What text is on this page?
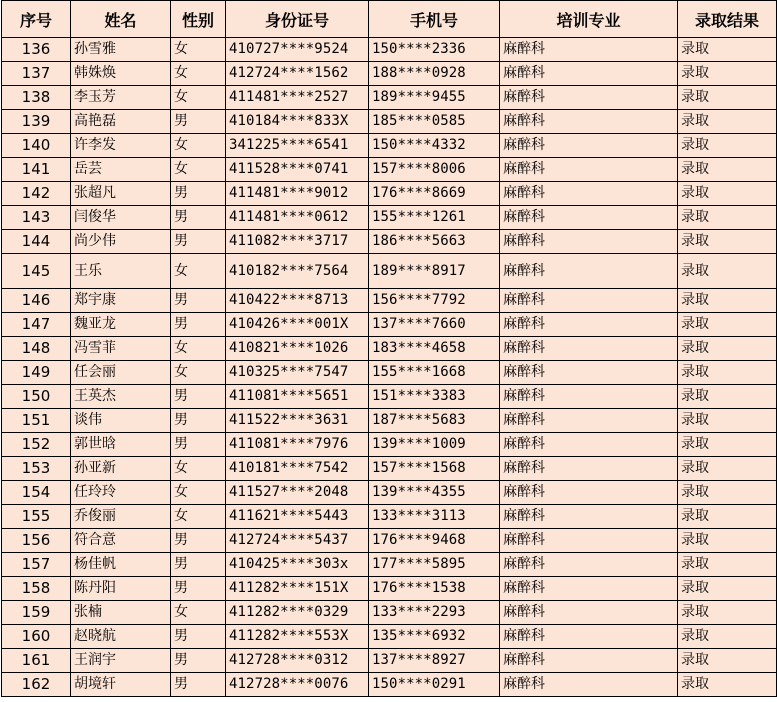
序号	姓名	性别	身份证号	手机号	培训专业	录取结果
136	孙雪雅	女	410727****9524	150****2336	麻醉科	录取
137	韩姝焕	女	412724****1562	188****0928	麻醉科	录取
138	李玉芳	女	411481****2527	189****9455	麻醉科	录取
139	高艳磊	男	410184****833X	185****0585	麻醉科	录取
140	许李发	女	341225****6541	150****4332	麻醉科	录取
141	岳芸	女	411528****0741	157****8006	麻醉科	录取
142	张超凡	男	411481****9012	176****8669	麻醉科	录取
143	闫俊华	男	411481****0612	155****1261	麻醉科	录取
144	尚少伟	男	411082****3717	186****5663	麻醉科	录取
145	王乐	女	410182****7564	189****8917	麻醉科	录取
146	郑宇康	男	410422****8713	156****7792	麻醉科	录取
147	魏亚龙	男	410426****001X	137****7660	麻醉科	录取
148	冯雪菲	女	410821****1026	183****4658	麻醉科	录取
149	任会丽	女	410325****7547	155****1668	麻醉科	录取
150	王英杰	男	411081****5651	151****3383	麻醉科	录取
151	谈伟	男	411522****3631	187****5683	麻醉科	录取
152	郭世晗	男	411081****7976	139****1009	麻醉科	录取
153	孙亚新	女	410181****7542	157****1568	麻醉科	录取
154	任玲玲	女	411527****2048	139****4355	麻醉科	录取
155	乔俊丽	女	411621****5443	133****3113	麻醉科	录取
156	符合意	男	412724****5437	176****9468	麻醉科	录取
157	杨佳帆	男	410425****303x	177****5895	麻醉科	录取
158	陈丹阳	男	411282****151X	176****1538	麻醉科	录取
159	张楠	女	411282****0329	133****2293	麻醉科	录取
160	赵晓航	男	411282****553X	135****6932	麻醉科	录取
161	王润宇	男	412728****0312	137****8927	麻醉科	录取
162	胡境轩	男	412728****0076	150****0291	麻醉科	录取
